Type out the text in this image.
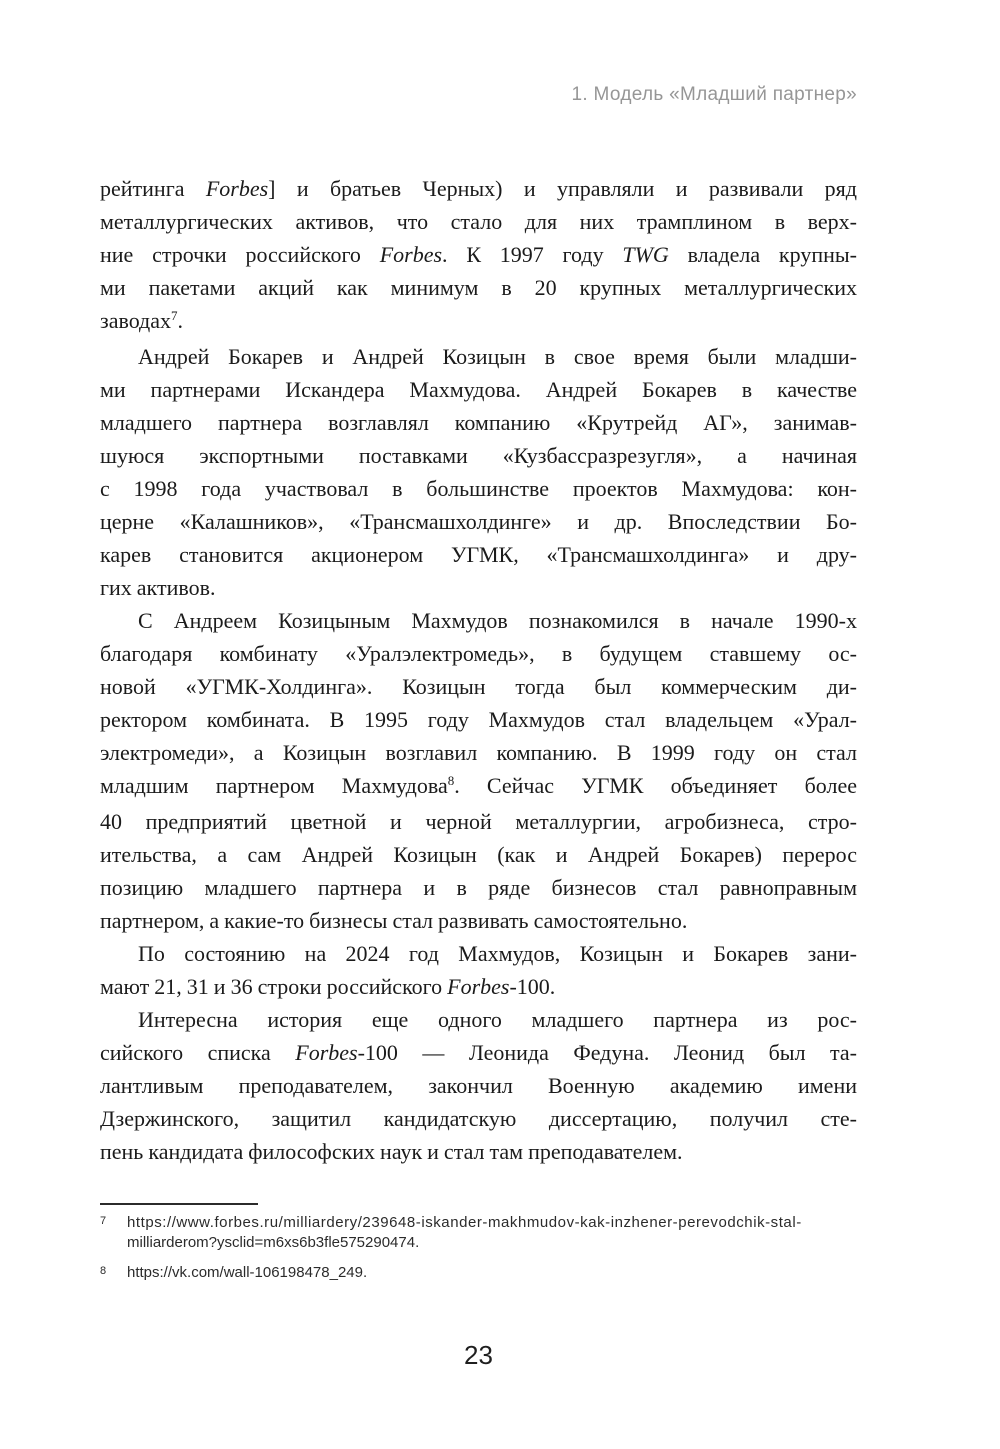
1. Модель «Младший партнер»
рейтинга Forbes] и братьев Черных) и управляли и развивали ряд
металлургических активов, что стало для них трамплином в верх-
ние строчки российского Forbes. К 1997 году TWG владела крупны-
ми пакетами акций как минимум в 20 крупных металлургических
заводах$^7$.
Андрей Бокарев и Андрей Козицын в свое время были младши-
ми партнерами Искандера Махмудова. Андрей Бокарев в качестве
младшего партнера возглавлял компанию «Крутрейд АГ», занимав-
шуюся экспортными поставками «Кузбассразрезугля», а начиная
с 1998 года участвовал в большинстве проектов Махмудова: кон-
церне «Калашников», «Трансмашхолдинге» и др. Впоследствии Бо-
карев становится акционером УГМК, «Трансмашхолдинга» и дру-
гих активов.
С Андреем Козицыным Махмудов познакомился в начале 1990-х
благодаря комбинату «Уралэлектромедь», в будущем ставшему ос-
новой «УГМК-Холдинга». Козицын тогда был коммерческим ди-
ректором комбината. В 1995 году Махмудов стал владельцем «Урал-
электромеди», а Козицын возглавил компанию. В 1999 году он стал
младшим партнером Махмудова$^8$. Сейчас УГМК объединяет более
40 предприятий цветной и черной металлургии, агробизнеса, стро-
ительства, а сам Андрей Козицын (как и Андрей Бокарев) перерос
позицию младшего партнера и в ряде бизнесов стал равноправным
партнером, а какие-то бизнесы стал развивать самостоятельно.
По состоянию на 2024 год Махмудов, Козицын и Бокарев зани-
мают 21, 31 и 36 строки российского Forbes-100.
Интересна история еще одного младшего партнера из рос-
сийского списка Forbes-100 — Леонида Федуна. Леонид был та-
лантливым преподавателем, закончил Военную академию имени
Дзержинского, защитил кандидатскую диссертацию, получил сте-
пень кандидата философских наук и стал там преподавателем.
7	https://www.forbes.ru/milliardery/239648-iskander-makhmudov-kak-inzhener-perevodchik-stal-
milliarderom?ysclid=m6xs6b3fle575290474.
8	https://vk.com/wall-106198478_249.
23
